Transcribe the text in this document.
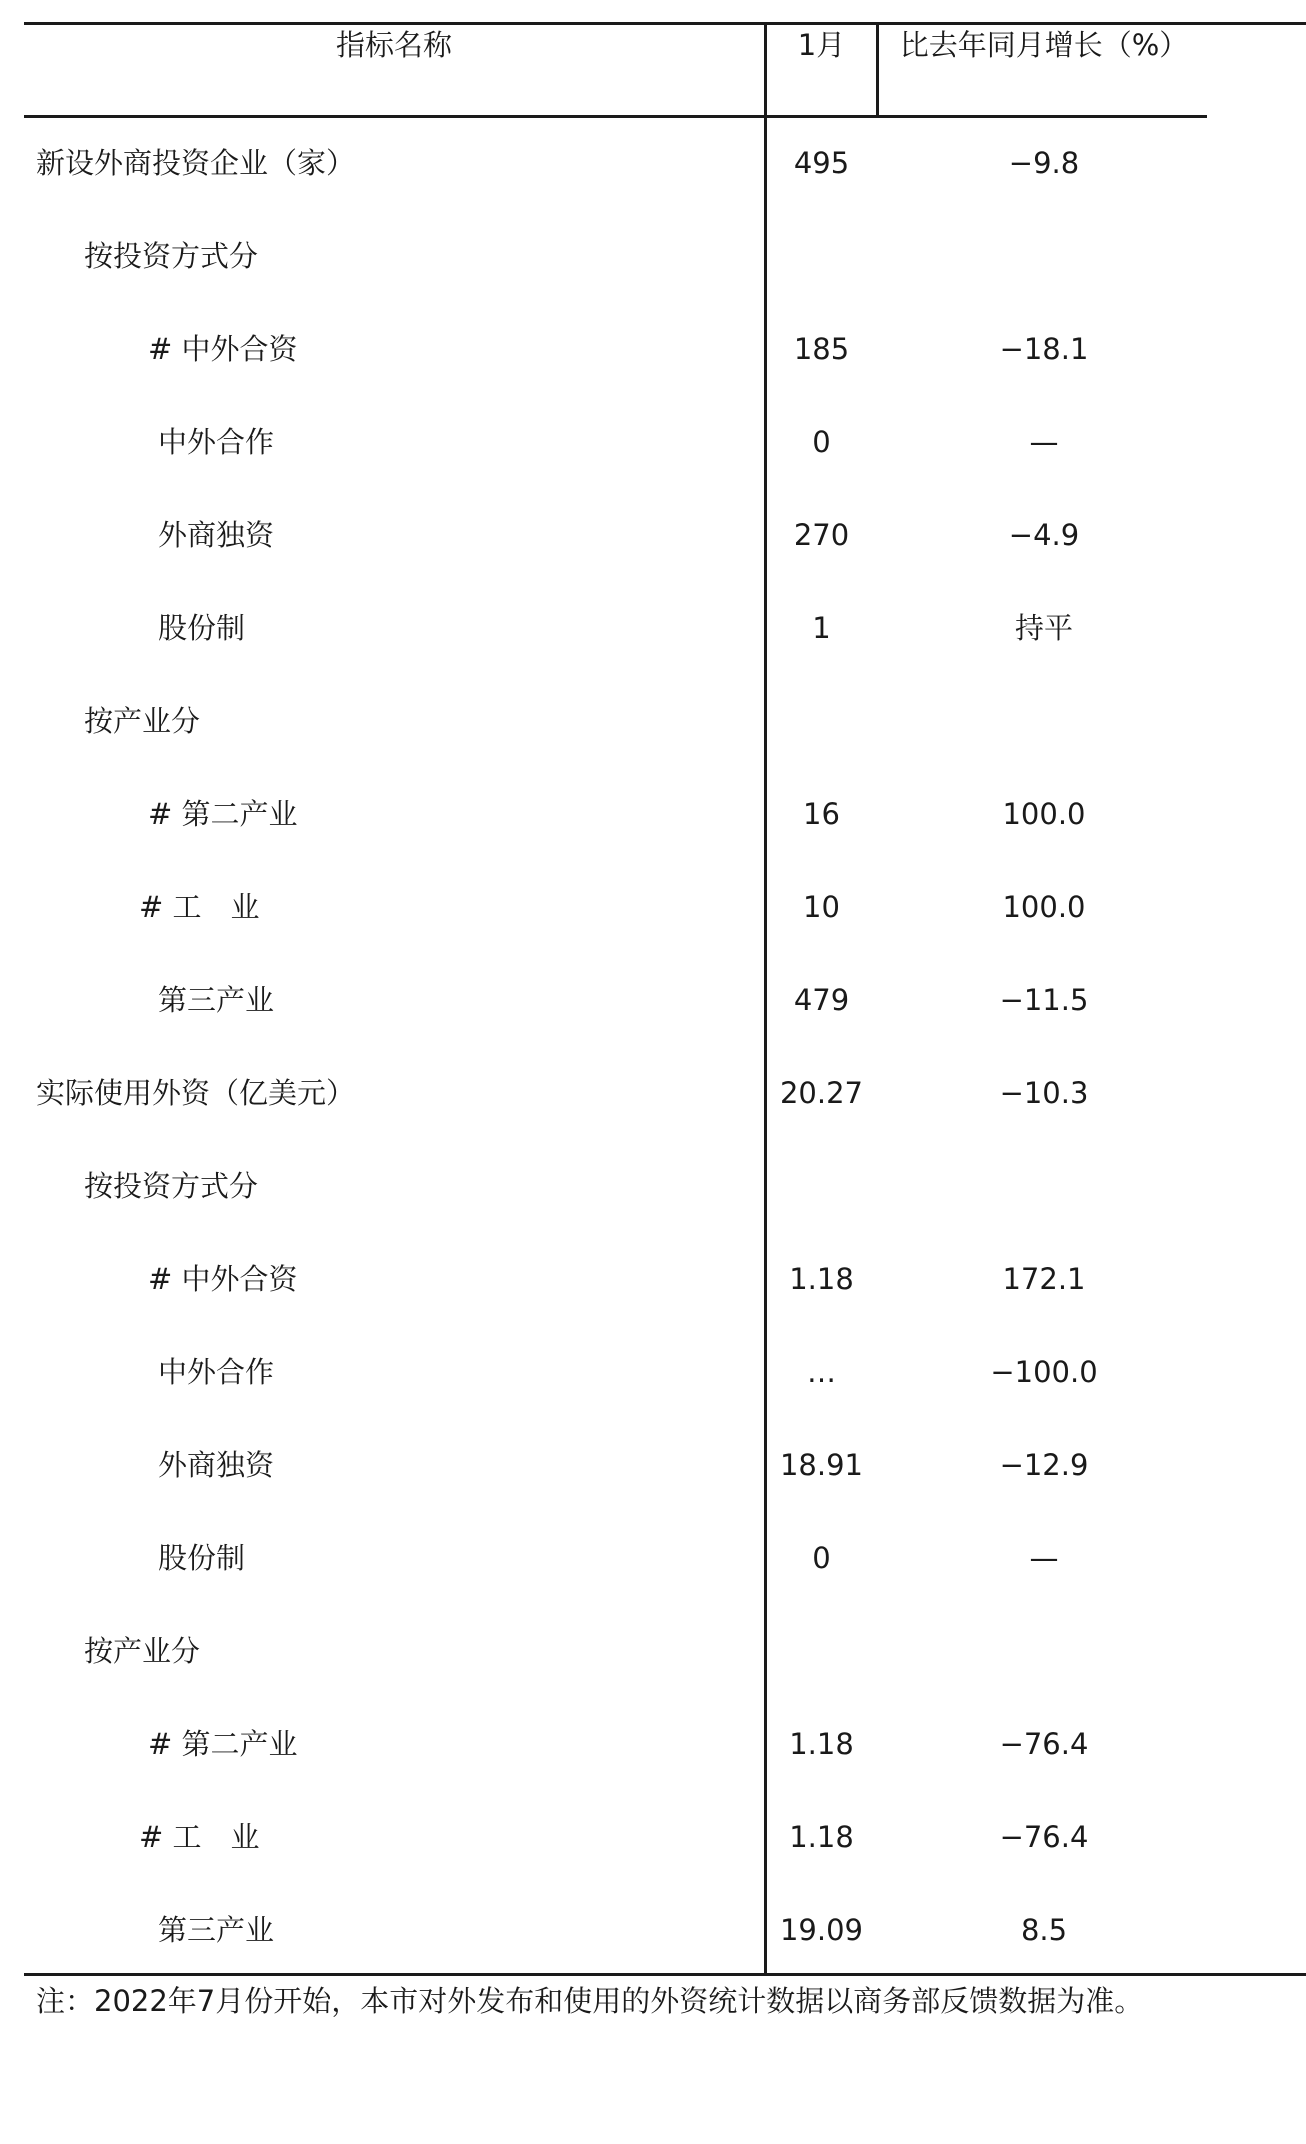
指标名称	1月	比去年同月增长（%）
新设外商投资企业（家）	495	−9.8
按投资方式分
# 中外合资	185	−18.1
中外合作	0	—
外商独资	270	−4.9
股份制	1	持平
按产业分
# 第二产业	16	100.0
# 工　业	10	100.0
第三产业	479	−11.5
实际使用外资（亿美元）	20.27	−10.3
按投资方式分
# 中外合资	1.18	172.1
中外合作	…	−100.0
外商独资	18.91	−12.9
股份制	0	—
按产业分
# 第二产业	1.18	−76.4
# 工　业	1.18	−76.4
第三产业	19.09	8.5
注：2022年7月份开始，本市对外发布和使用的外资统计数据以商务部反馈数据为准。
